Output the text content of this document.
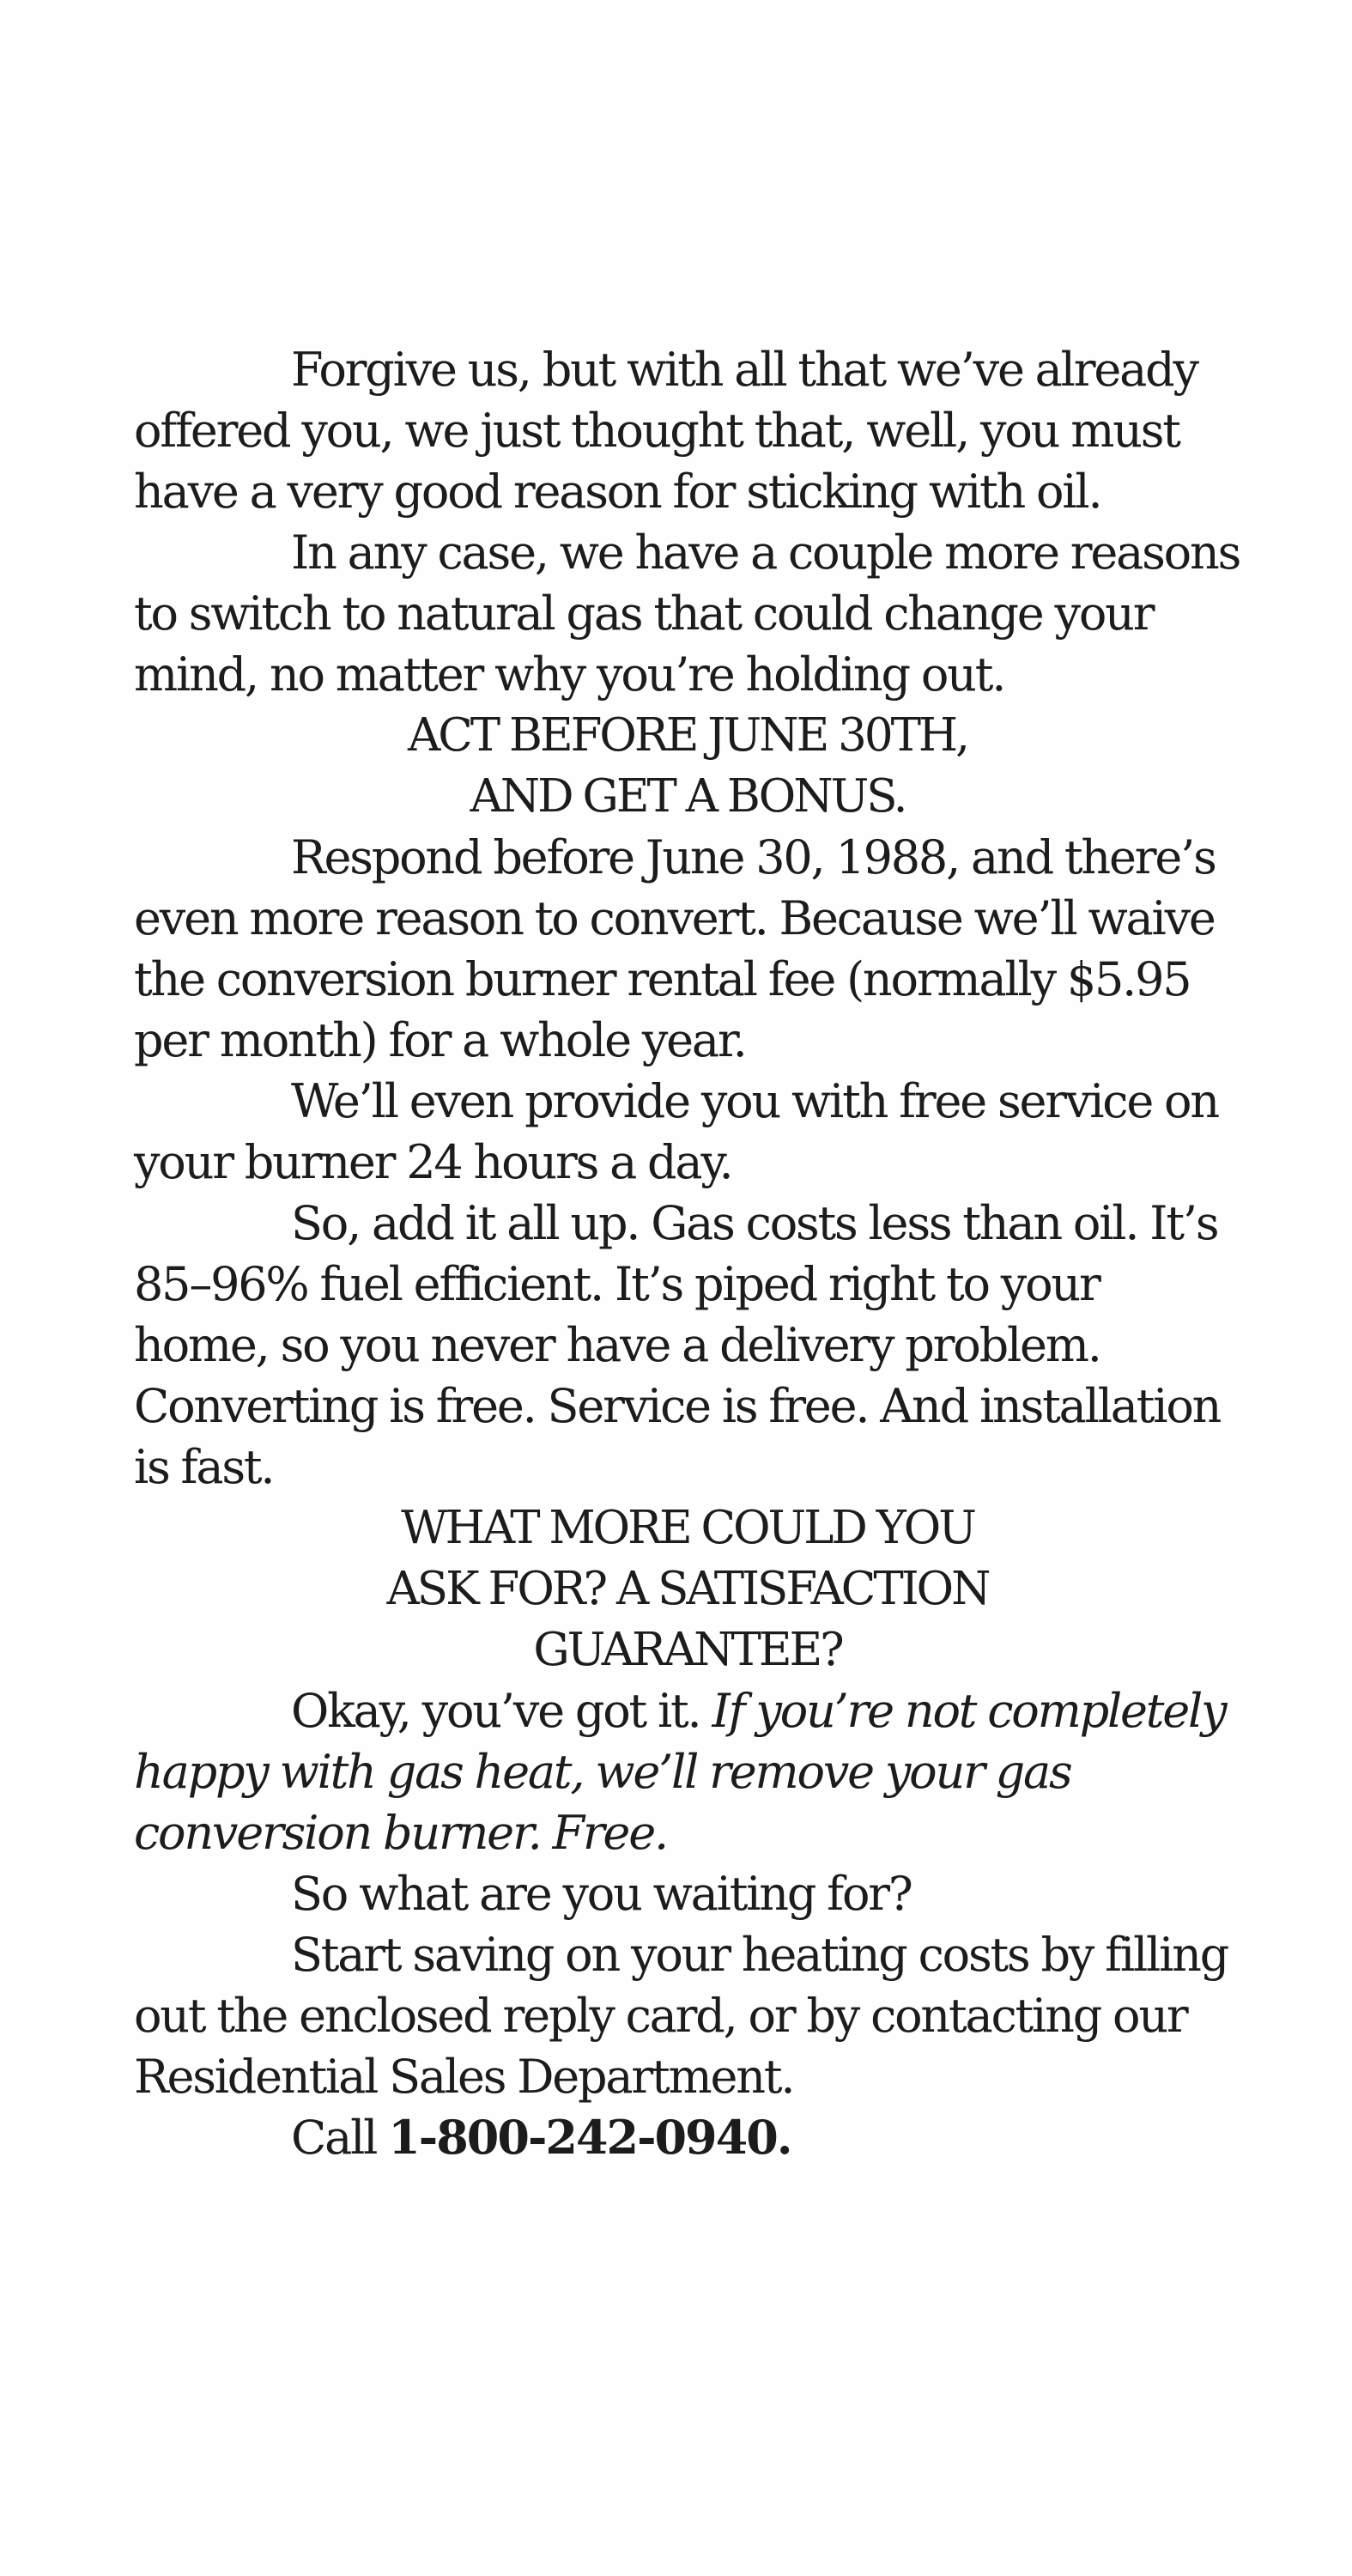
Forgive us, but with all that we’ve already offered you, we just thought that, well, you must have a very good reason for sticking with oil.

In any case, we have a couple more reasons to switch to natural gas that could change your mind, no matter why you’re holding out.

ACT BEFORE JUNE 30TH,
AND GET A BONUS.

Respond before June 30, 1988, and there’s even more reason to convert. Because we’ll waive the conversion burner rental fee (normally $5.95 per month) for a whole year.

We’ll even provide you with free service on your burner 24 hours a day.

So, add it all up. Gas costs less than oil. It’s 85–96% fuel efficient. It’s piped right to your home, so you never have a delivery problem. Converting is free. Service is free. And installation is fast.

WHAT MORE COULD YOU
ASK FOR? A SATISFACTION
GUARANTEE?

Okay, you’ve got it. If you’re not completely happy with gas heat, we’ll remove your gas conversion burner. Free.

So what are you waiting for?

Start saving on your heating costs by filling out the enclosed reply card, or by contacting our Residential Sales Department.

Call 1-800-242-0940.
